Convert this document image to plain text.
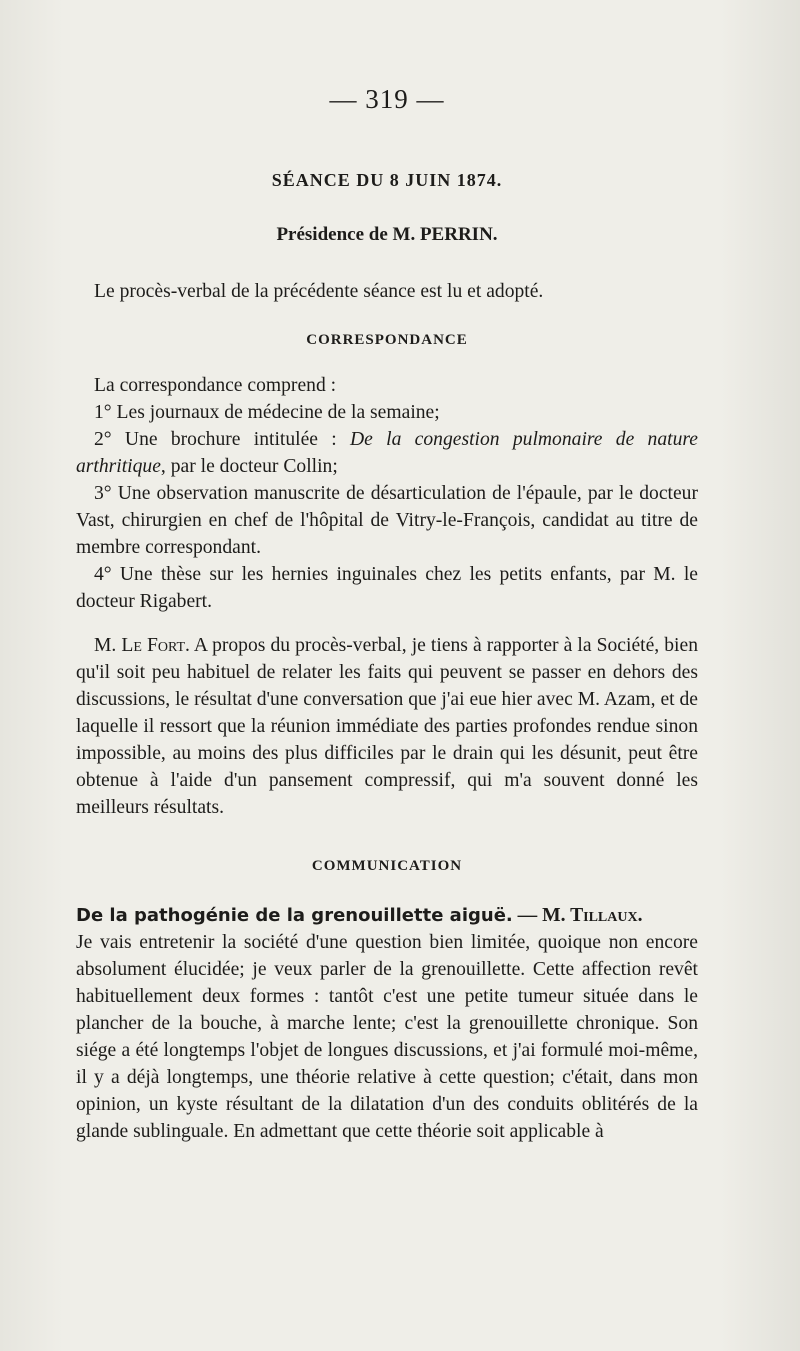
— 319 —
SÉANCE DU 8 JUIN 1874.
Présidence de M. PERRIN.

Le procès-verbal de la précédente séance est lu et adopté.

CORRESPONDANCE

La correspondance comprend :

1° Les journaux de médecine de la semaine;

2° Une brochure intitulée : De la congestion pulmonaire de nature arthritique, par le docteur Collin;

3° Une observation manuscrite de désarticulation de l'épaule, par le docteur Vast, chirurgien en chef de l'hôpital de Vitry-le-François, candidat au titre de membre correspondant.

4° Une thèse sur les hernies inguinales chez les petits enfants, par M. le docteur Rigabert.

M. Le Fort. A propos du procès-verbal, je tiens à rapporter à la Société, bien qu'il soit peu habituel de relater les faits qui peuvent se passer en dehors des discussions, le résultat d'une conversation que j'ai eue hier avec M. Azam, et de laquelle il ressort que la réunion immédiate des parties profondes rendue sinon impossible, au moins des plus difficiles par le drain qui les désunit, peut être obtenue à l'aide d'un pansement compressif, qui m'a souvent donné les meilleurs résultats.

COMMUNICATION

De la pathogénie de la grenouillette aiguë. — M. Tillaux.

Je vais entretenir la société d'une question bien limitée, quoique non encore absolument élucidée; je veux parler de la grenouillette. Cette affection revêt habituellement deux formes : tantôt c'est une petite tumeur située dans le plancher de la bouche, à marche lente; c'est la grenouillette chronique. Son siége a été longtemps l'objet de longues discussions, et j'ai formulé moi-même, il y a déjà longtemps, une théorie relative à cette question; c'était, dans mon opinion, un kyste résultant de la dilatation d'un des conduits oblitérés de la glande sublinguale. En admettant que cette théorie soit applicable à
